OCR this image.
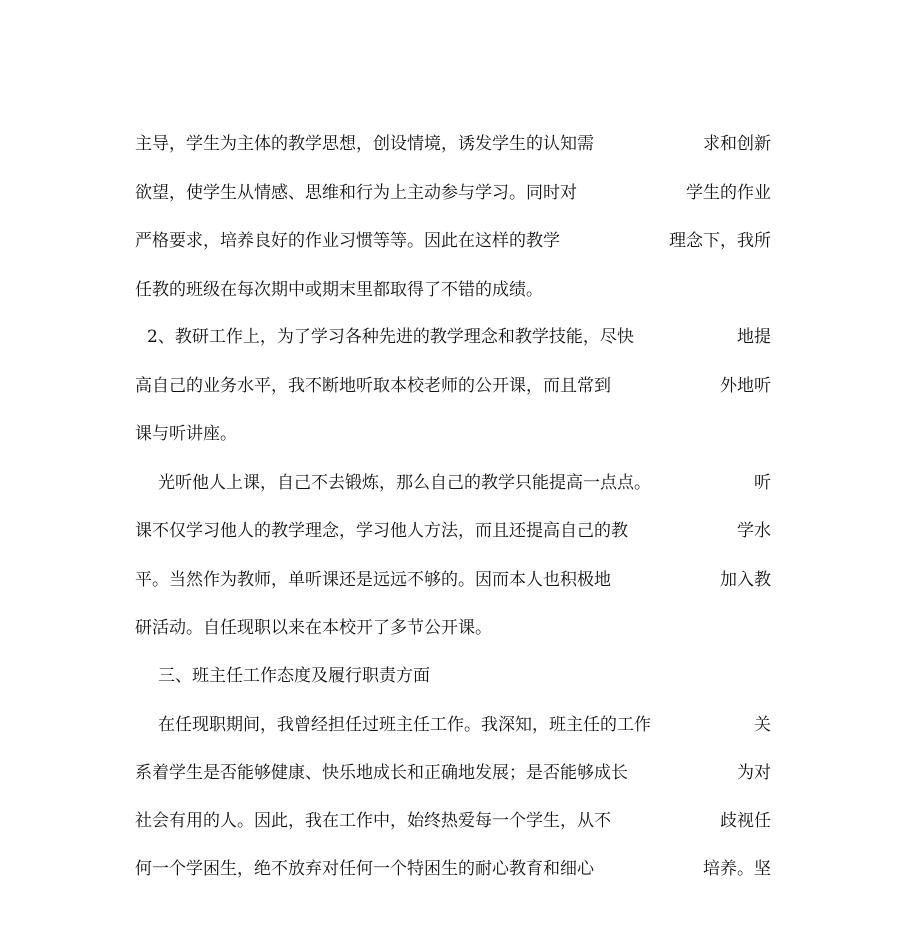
主导，学生为主体的教学思想，创设情境，诱发学生的认知需	求和创新
欲望，使学生从情感、思维和行为上主动参与学习。同时对	学生的作业
严格要求，培养良好的作业习惯等等。因此在这样的教学	理念下，我所
任教的班级在每次期中或期末里都取得了不错的成绩。
2、教研工作上，为了学习各种先进的教学理念和教学技能，尽快	地提
高自己的业务水平，我不断地听取本校老师的公开课，而且常到	外地听
课与听讲座。
光听他人上课，自己不去锻炼，那么自己的教学只能提高一点点。	听
课不仅学习他人的教学理念，学习他人方法，而且还提高自己的教	学水
平。当然作为教师，单听课还是远远不够的。因而本人也积极地	加入教
研活动。自任现职以来在本校开了多节公开课。
三、班主任工作态度及履行职责方面
在任现职期间，我曾经担任过班主任工作。我深知，班主任的工作	关
系着学生是否能够健康、快乐地成长和正确地发展；是否能够成长	为对
社会有用的人。因此，我在工作中，始终热爱每一个学生，从不	歧视任
何一个学困生，绝不放弃对任何一个特困生的耐心教育和细心	培养。坚
